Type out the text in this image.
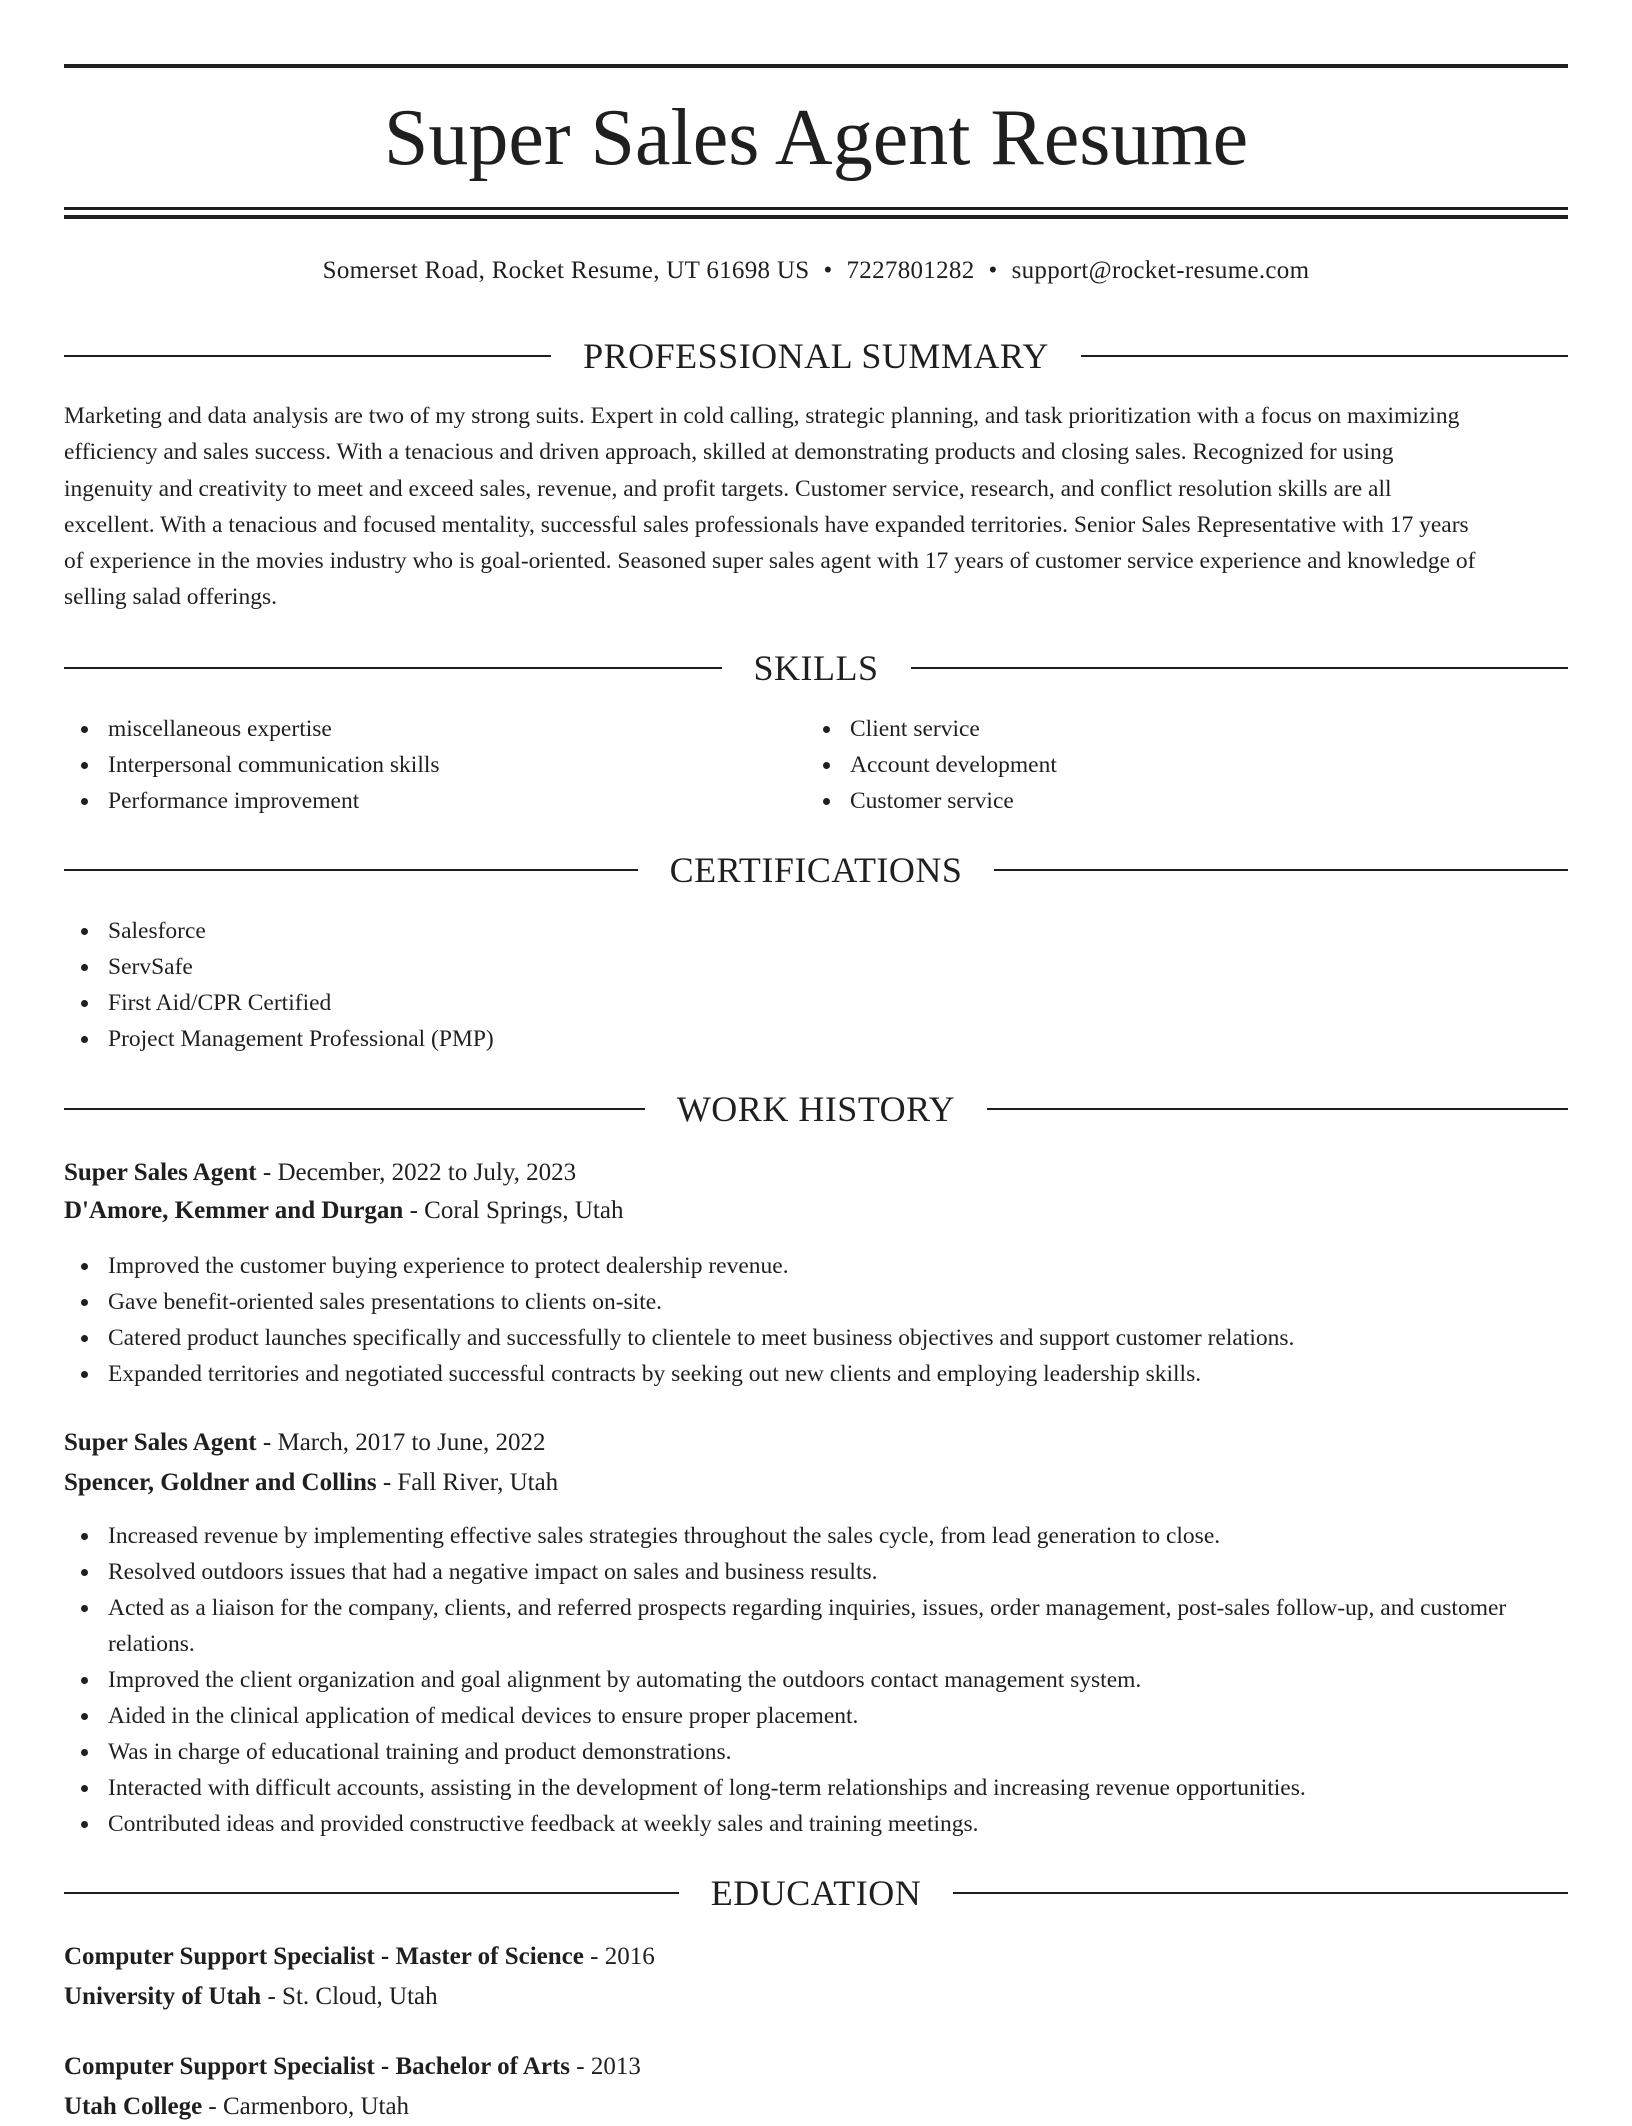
Super Sales Agent Resume
Somerset Road, Rocket Resume, UT 61698 US • 7227801282 • support@rocket-resume.com
PROFESSIONAL SUMMARY
Marketing and data analysis are two of my strong suits. Expert in cold calling, strategic planning, and task prioritization with a focus on maximizing
efficiency and sales success. With a tenacious and driven approach, skilled at demonstrating products and closing sales. Recognized for using
ingenuity and creativity to meet and exceed sales, revenue, and profit targets. Customer service, research, and conflict resolution skills are all
excellent. With a tenacious and focused mentality, successful sales professionals have expanded territories. Senior Sales Representative with 17 years
of experience in the movies industry who is goal-oriented. Seasoned super sales agent with 17 years of customer service experience and knowledge of
selling salad offerings.
SKILLS
miscellaneous expertise
Interpersonal communication skills
Performance improvement
Client service
Account development
Customer service
CERTIFICATIONS
Salesforce
ServSafe
First Aid/CPR Certified
Project Management Professional (PMP)
WORK HISTORY
Super Sales Agent - December, 2022 to July, 2023
D'Amore, Kemmer and Durgan - Coral Springs, Utah
Improved the customer buying experience to protect dealership revenue.
Gave benefit-oriented sales presentations to clients on-site.
Catered product launches specifically and successfully to clientele to meet business objectives and support customer relations.
Expanded territories and negotiated successful contracts by seeking out new clients and employing leadership skills.
Super Sales Agent - March, 2017 to June, 2022
Spencer, Goldner and Collins - Fall River, Utah
Increased revenue by implementing effective sales strategies throughout the sales cycle, from lead generation to close.
Resolved outdoors issues that had a negative impact on sales and business results.
Acted as a liaison for the company, clients, and referred prospects regarding inquiries, issues, order management, post-sales follow-up, and customer relations.
Improved the client organization and goal alignment by automating the outdoors contact management system.
Aided in the clinical application of medical devices to ensure proper placement.
Was in charge of educational training and product demonstrations.
Interacted with difficult accounts, assisting in the development of long-term relationships and increasing revenue opportunities.
Contributed ideas and provided constructive feedback at weekly sales and training meetings.
EDUCATION
Computer Support Specialist - Master of Science - 2016
University of Utah - St. Cloud, Utah
Computer Support Specialist - Bachelor of Arts - 2013
Utah College - Carmenboro, Utah
